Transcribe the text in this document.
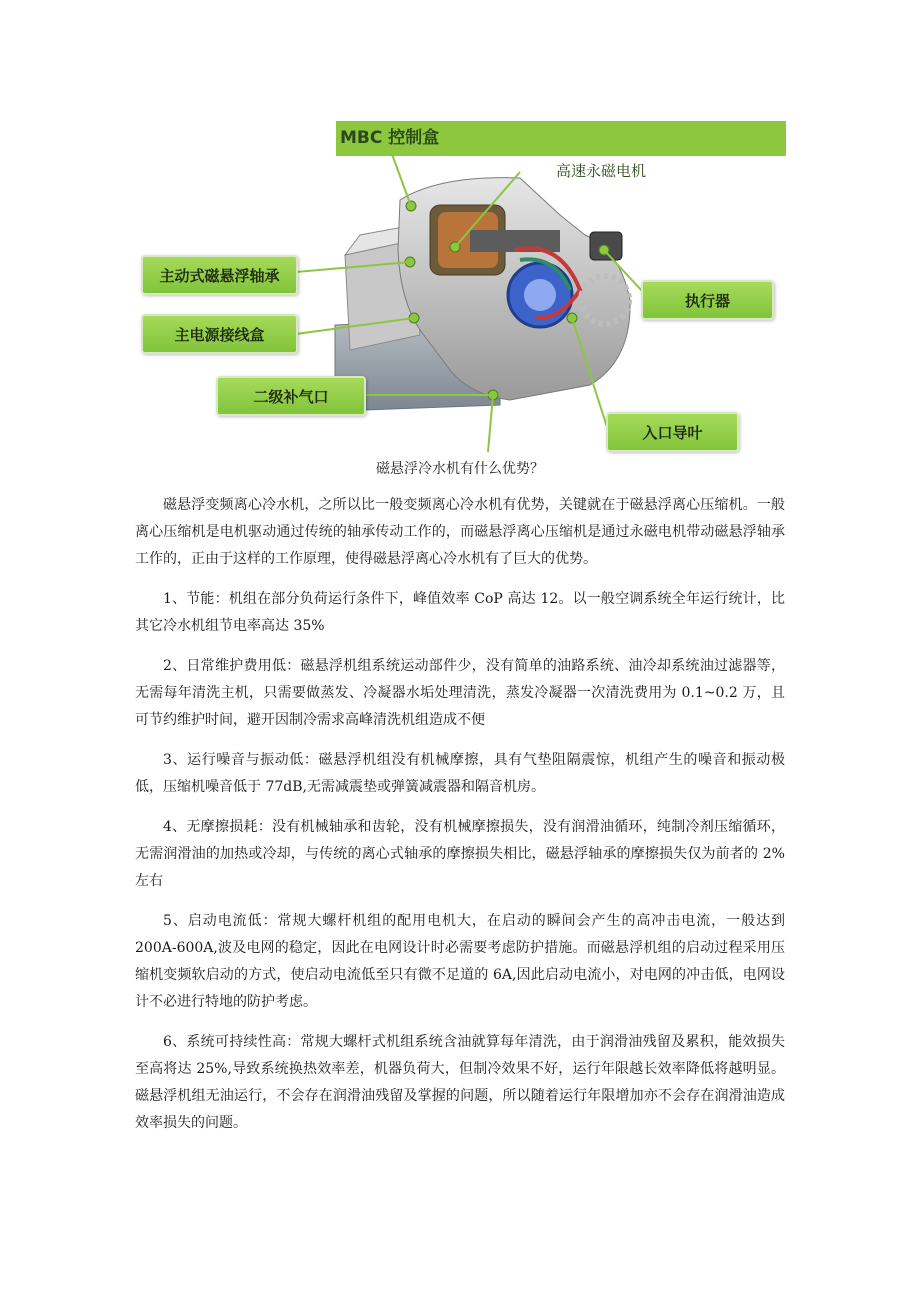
MBC 控制盒
高速永磁电机
主动式磁悬浮轴承
主电源接线盒
二级补气口
执行器
入口导叶
磁悬浮冷水机有什么优势？

磁悬浮变频离心冷水机，之所以比一般变频离心冷水机有优势，关键就在于磁悬浮离心压缩机。一般离心压缩机是电机驱动通过传统的轴承传动工作的，而磁悬浮离心压缩机是通过永磁电机带动磁悬浮轴承工作的，正由于这样的工作原理，使得磁悬浮离心冷水机有了巨大的优势。

1、节能：机组在部分负荷运行条件下，峰值效率 CoP 高达 12。以一般空调系统全年运行统计，比其它冷水机组节电率高达 35%

2、日常维护费用低：磁悬浮机组系统运动部件少，没有简单的油路系统、油冷却系统油过滤器等，无需每年清洗主机，只需要做蒸发、冷凝器水垢处理清洗，蒸发冷凝器一次清洗费用为 0.1~0.2 万，且可节约维护时间，避开因制冷需求高峰清洗机组造成不便

3、运行噪音与振动低：磁悬浮机组没有机械摩擦，具有气垫阻隔震惊，机组产生的噪音和振动极低，压缩机噪音低于 77dB,无需减震垫或弹簧减震器和隔音机房。

4、无摩擦损耗：没有机械轴承和齿轮，没有机械摩擦损失，没有润滑油循环，纯制冷剂压缩循环，无需润滑油的加热或冷却，与传统的离心式轴承的摩擦损失相比，磁悬浮轴承的摩擦损失仅为前者的 2%左右

5、启动电流低：常规大螺杆机组的配用电机大，在启动的瞬间会产生的高冲击电流，一般达到 200A-600A,波及电网的稳定，因此在电网设计时必需要考虑防护措施。而磁悬浮机组的启动过程采用压缩机变频软启动的方式，使启动电流低至只有微不足道的 6A,因此启动电流小，对电网的冲击低，电网设计不必进行特地的防护考虑。

6、系统可持续性高：常规大螺杆式机组系统含油就算每年清洗，由于润滑油残留及累积，能效损失至高将达 25%,导致系统换热效率差，机器负荷大，但制冷效果不好，运行年限越长效率降低将越明显。磁悬浮机组无油运行，不会存在润滑油残留及掌握的问题，所以随着运行年限增加亦不会存在润滑油造成效率损失的问题。
